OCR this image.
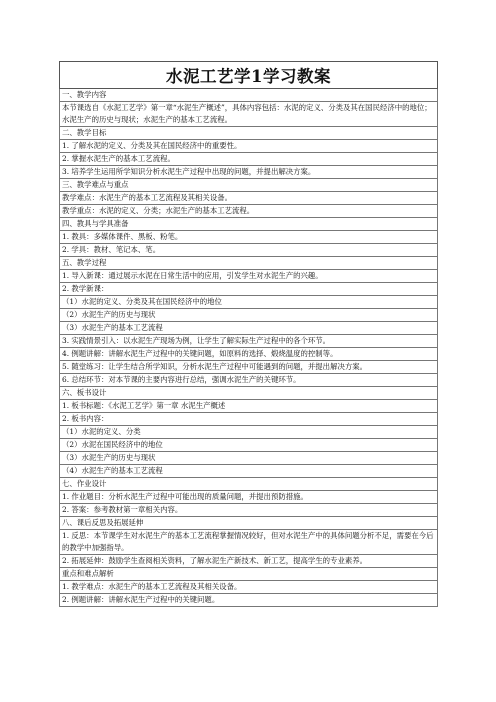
水泥工艺学1学习教案
一、教学内容
本节课选自《水泥工艺学》第一章“水泥生产概述”，具体内容包括：水泥的定义、分类及其在国民经济中的地位；水泥生产的历史与现状；水泥生产的基本工艺流程。
二、教学目标
1. 了解水泥的定义、分类及其在国民经济中的重要性。
2. 掌握水泥生产的基本工艺流程。
3. 培养学生运用所学知识分析水泥生产过程中出现的问题，并提出解决方案。
三、教学难点与重点
教学难点：水泥生产的基本工艺流程及其相关设备。
教学重点：水泥的定义、分类；水泥生产的基本工艺流程。
四、教具与学具准备
1. 教具：多媒体课件、黑板、粉笔。
2. 学具：教材、笔记本、笔。
五、教学过程
1. 导入新课：通过展示水泥在日常生活中的应用，引发学生对水泥生产的兴趣。
2. 教学新课：
（1）水泥的定义、分类及其在国民经济中的地位
（2）水泥生产的历史与现状
（3）水泥生产的基本工艺流程
3. 实践情景引入：以水泥生产现场为例，让学生了解实际生产过程中的各个环节。
4. 例题讲解：讲解水泥生产过程中的关键问题，如原料的选择、煅烧温度的控制等。
5. 随堂练习：让学生结合所学知识，分析水泥生产过程中可能遇到的问题，并提出解决方案。
6. 总结环节：对本节课的主要内容进行总结，强调水泥生产的关键环节。
六、板书设计
1. 板书标题：《水泥工艺学》第一章 水泥生产概述
2. 板书内容：
（1）水泥的定义、分类
（2）水泥在国民经济中的地位
（3）水泥生产的历史与现状
（4）水泥生产的基本工艺流程
七、作业设计
1. 作业题目：分析水泥生产过程中可能出现的质量问题，并提出预防措施。
2. 答案：参考教材第一章相关内容。
八、课后反思及拓展延伸
1. 反思：本节课学生对水泥生产的基本工艺流程掌握情况较好，但对水泥生产中的具体问题分析不足，需要在今后的教学中加强指导。
2. 拓展延伸：鼓励学生查阅相关资料，了解水泥生产新技术、新工艺，提高学生的专业素养。
重点和难点解析
1. 教学难点：水泥生产的基本工艺流程及其相关设备。
2. 例题讲解：讲解水泥生产过程中的关键问题。
